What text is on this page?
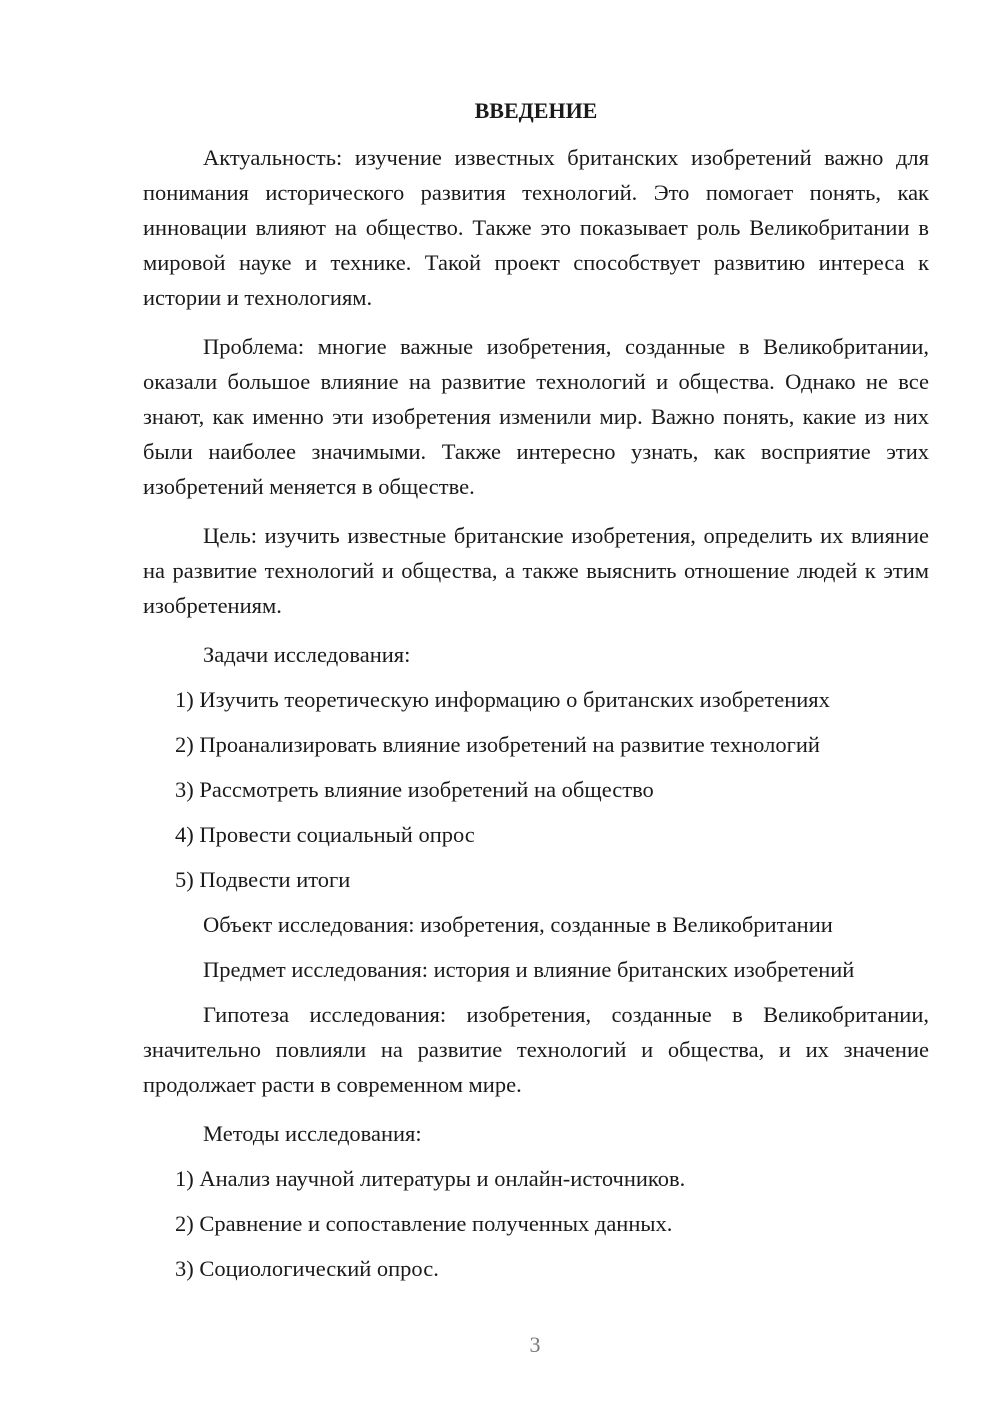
ВВЕДЕНИЕ

Актуальность: изучение известных британских изобретений важно для понимания исторического развития технологий. Это помогает понять, как инновации влияют на общество. Также это показывает роль Великобритании в мировой науке и технике. Такой проект способствует развитию интереса к истории и технологиям.

Проблема: многие важные изобретения, созданные в Великобритании, оказали большое влияние на развитие технологий и общества. Однако не все знают, как именно эти изобретения изменили мир. Важно понять, какие из них были наиболее значимыми. Также интересно узнать, как восприятие этих изобретений меняется в обществе.

Цель: изучить известные британские изобретения, определить их влияние на развитие технологий и общества, а также выяснить отношение людей к этим изобретениям.

Задачи исследования:
1) Изучить теоретическую информацию о британских изобретениях
2) Проанализировать влияние изобретений на развитие технологий
3) Рассмотреть влияние изобретений на общество
4) Провести социальный опрос
5) Подвести итоги
Объект исследования: изобретения, созданные в Великобритании
Предмет исследования: история и влияние британских изобретений

Гипотеза исследования: изобретения, созданные в Великобритании, значительно повлияли на развитие технологий и общества, и их значение продолжает расти в современном мире.

Методы исследования:
1) Анализ научной литературы и онлайн-источников.
2) Сравнение и сопоставление полученных данных.
3) Социологический опрос.
3
